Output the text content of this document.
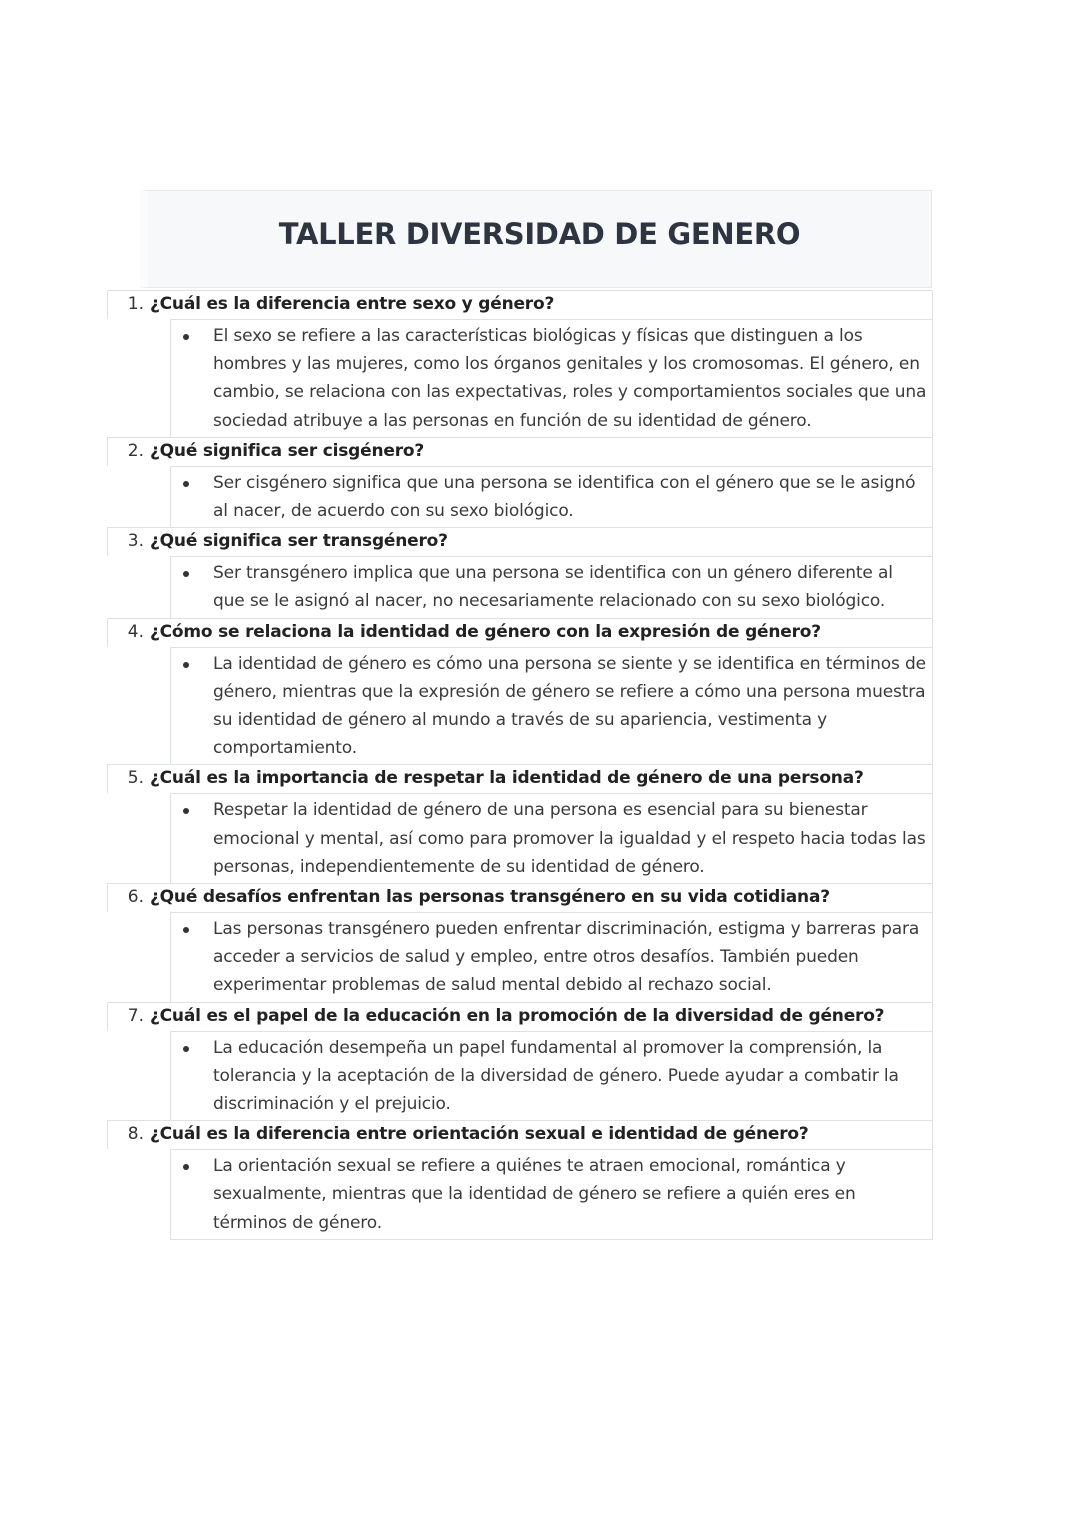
TALLER DIVERSIDAD DE GENERO
1. ¿Cuál es la diferencia entre sexo y género?
El sexo se refiere a las características biológicas y físicas que distinguen a los hombres y las mujeres, como los órganos genitales y los cromosomas. El género, en cambio, se relaciona con las expectativas, roles y comportamientos sociales que una sociedad atribuye a las personas en función de su identidad de género.
2. ¿Qué significa ser cisgénero?
Ser cisgénero significa que una persona se identifica con el género que se le asignó al nacer, de acuerdo con su sexo biológico.
3. ¿Qué significa ser transgénero?
Ser transgénero implica que una persona se identifica con un género diferente al que se le asignó al nacer, no necesariamente relacionado con su sexo biológico.
4. ¿Cómo se relaciona la identidad de género con la expresión de género?
La identidad de género es cómo una persona se siente y se identifica en términos de género, mientras que la expresión de género se refiere a cómo una persona muestra su identidad de género al mundo a través de su apariencia, vestimenta y comportamiento.
5. ¿Cuál es la importancia de respetar la identidad de género de una persona?
Respetar la identidad de género de una persona es esencial para su bienestar emocional y mental, así como para promover la igualdad y el respeto hacia todas las personas, independientemente de su identidad de género.
6. ¿Qué desafíos enfrentan las personas transgénero en su vida cotidiana?
Las personas transgénero pueden enfrentar discriminación, estigma y barreras para acceder a servicios de salud y empleo, entre otros desafíos. También pueden experimentar problemas de salud mental debido al rechazo social.
7. ¿Cuál es el papel de la educación en la promoción de la diversidad de género?
La educación desempeña un papel fundamental al promover la comprensión, la tolerancia y la aceptación de la diversidad de género. Puede ayudar a combatir la discriminación y el prejuicio.
8. ¿Cuál es la diferencia entre orientación sexual e identidad de género?
La orientación sexual se refiere a quiénes te atraen emocional, romántica y sexualmente, mientras que la identidad de género se refiere a quién eres en términos de género.
